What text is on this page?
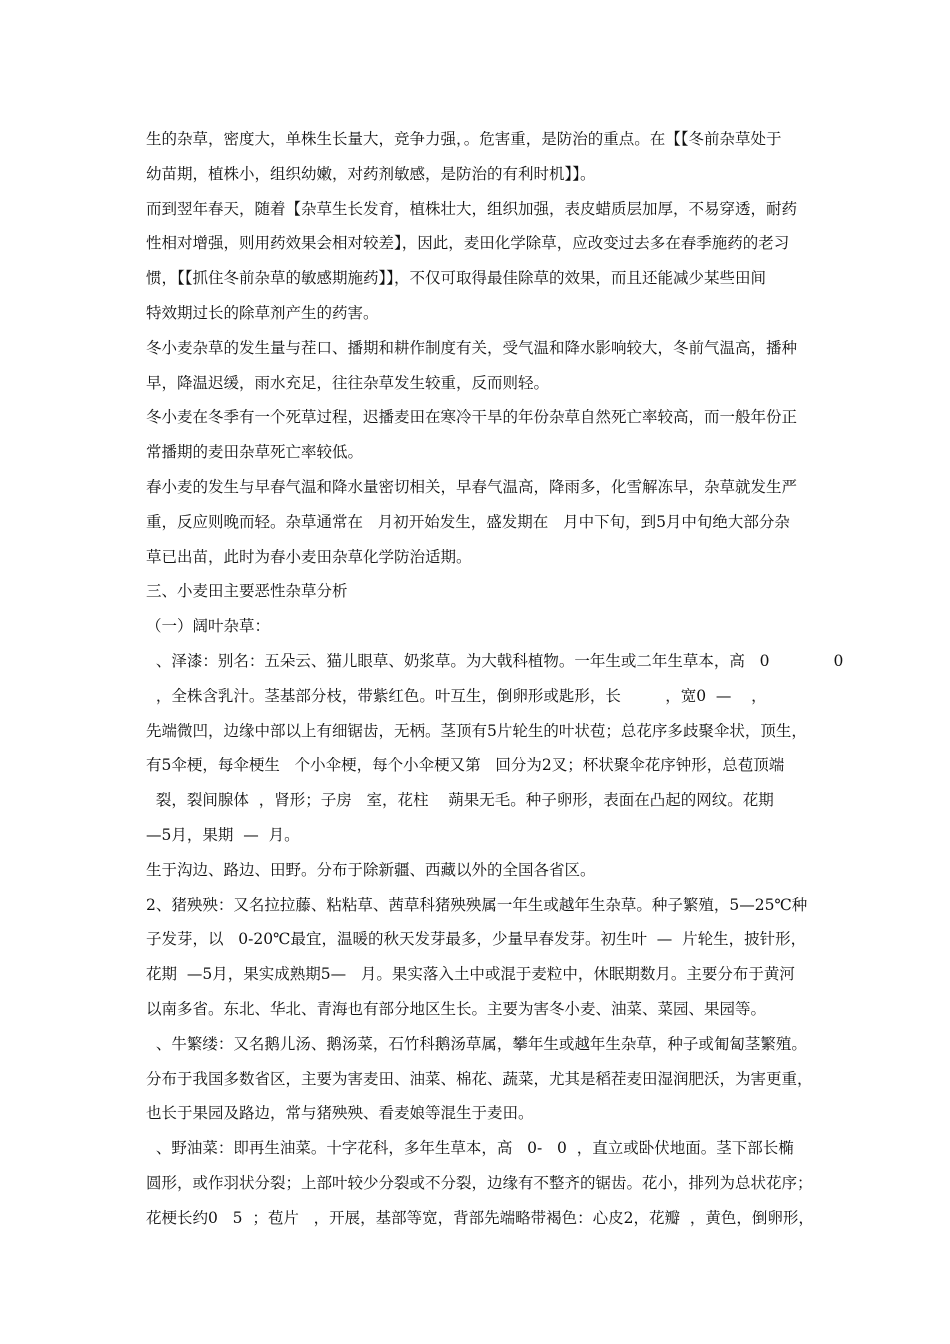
生的杂草，密度大，单株生长量大，竞争力强，。危害重，是防治的重点。在【【冬前杂草处于
幼苗期，植株小，组织幼嫩，对药剂敏感，是防治的有利时机】】。
而到翌年春天，随着【杂草生长发育，植株壮大，组织加强，表皮蜡质层加厚，不易穿透，耐药
性相对增强，则用药效果会相对较差】，因此，麦田化学除草，应改变过去多在春季施药的老习
惯，【【抓住冬前杂草的敏感期施药】】，不仅可取得最佳除草的效果，而且还能减少某些田间
特效期过长的除草剂产生的药害。
冬小麦杂草的发生量与茬口、播期和耕作制度有关，受气温和降水影响较大，冬前气温高，播种
早，降温迟缓，雨水充足，往往杂草发生较重，反而则轻。
冬小麦在冬季有一个死草过程，迟播麦田在寒冷干旱的年份杂草自然死亡率较高，而一般年份正
常播期的麦田杂草死亡率较低。
春小麦的发生与早春气温和降水量密切相关，早春气温高，降雨多，化雪解冻早，杂草就发生严
重，反应则晚而轻。杂草通常在   月初开始发生，盛发期在   月中下旬，到5月中旬绝大部分杂
草已出苗，此时为春小麦田杂草化学防治适期。
三、小麦田主要恶性杂草分析
（一）阔叶杂草：
、泽漆：别名：五朵云、猫儿眼草、奶浆草。为大戟科植物。一年生或二年生草本，高   0             0
，全株含乳汁。茎基部分枝，带紫红色。叶互生，倒卵形或匙形，长         ，宽0  —    ，
先端微凹，边缘中部以上有细锯齿，无柄。茎顶有5片轮生的叶状苞；总花序多歧聚伞状，顶生，
有5伞梗，每伞梗生   个小伞梗，每个小伞梗又第   回分为2叉；杯状聚伞花序钟形，总苞顶端
裂，裂间腺体  ，肾形；子房   室，花柱    蒴果无毛。种子卵形，表面在凸起的网纹。花期
—5月，果期  —  月。
生于沟边、路边、田野。分布于除新疆、西藏以外的全国各省区。
2、猪殃殃：又名拉拉藤、粘粘草、茜草科猪殃殃属一年生或越年生杂草。种子繁殖，5—25℃种
子发芽，以   0-20℃最宜，温暖的秋天发芽最多，少量早春发芽。初生叶  —  片轮生，披针形，
花期  —5月，果实成熟期5—   月。果实落入土中或混于麦粒中，休眠期数月。主要分布于黄河
以南多省。东北、华北、青海也有部分地区生长。主要为害冬小麦、油菜、菜园、果园等。
、牛繁缕：又名鹅儿汤、鹅汤菜，石竹科鹅汤草属，攀年生或越年生杂草，种子或匍匐茎繁殖。
分布于我国多数省区，主要为害麦田、油菜、棉花、蔬菜，尤其是稻茬麦田湿润肥沃，为害更重，
也长于果园及路边，常与猪殃殃、看麦娘等混生于麦田。
、野油菜：即再生油菜。十字花科，多年生草本，高   0-   0  ，直立或卧伏地面。茎下部长椭
圆形，或作羽状分裂；上部叶较少分裂或不分裂，边缘有不整齐的锯齿。花小，排列为总状花序；
花梗长约0   5  ；苞片   ，开展，基部等宽，背部先端略带褐色：心皮2，花瓣  ，黄色，倒卵形，
